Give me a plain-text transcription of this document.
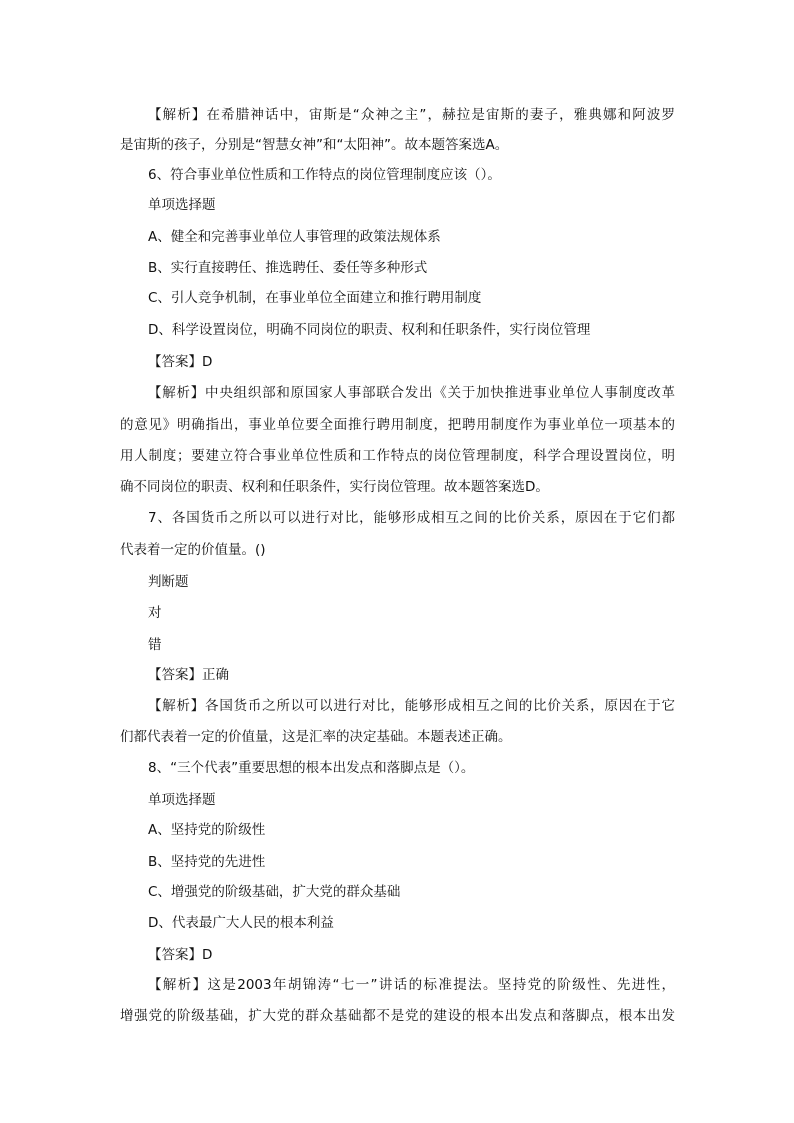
【解析】在希腊神话中，宙斯是“众神之主”，赫拉是宙斯的妻子，雅典娜和阿波罗
是宙斯的孩子，分别是“智慧女神”和“太阳神”。故本题答案选A。
6、符合事业单位性质和工作特点的岗位管理制度应该（）。
单项选择题
A、健全和完善事业单位人事管理的政策法规体系
B、实行直接聘任、推选聘任、委任等多种形式
C、引人竞争机制，在事业单位全面建立和推行聘用制度
D、科学设置岗位，明确不同岗位的职责、权利和任职条件，实行岗位管理
【答案】D
【解析】中央组织部和原国家人事部联合发出《关于加快推进事业单位人事制度改革
的意见》明确指出，事业单位要全面推行聘用制度，把聘用制度作为事业单位一项基本的
用人制度；要建立符合事业单位性质和工作特点的岗位管理制度，科学合理设置岗位，明
确不同岗位的职责、权利和任职条件，实行岗位管理。故本题答案选D。
7、各国货币之所以可以进行对比，能够形成相互之间的比价关系，原因在于它们都
代表着一定的价值量。()
判断题
对
错
【答案】正确
【解析】各国货币之所以可以进行对比，能够形成相互之间的比价关系，原因在于它
们都代表着一定的价值量，这是汇率的决定基础。本题表述正确。
8、“三个代表”重要思想的根本出发点和落脚点是（）。
单项选择题
A、坚持党的阶级性
B、坚持党的先进性
C、增强党的阶级基础，扩大党的群众基础
D、代表最广大人民的根本利益
【答案】D
【解析】这是2003年胡锦涛“七一”讲话的标准提法。坚持党的阶级性、先进性，
增强党的阶级基础，扩大党的群众基础都不是党的建设的根本出发点和落脚点，根本出发
